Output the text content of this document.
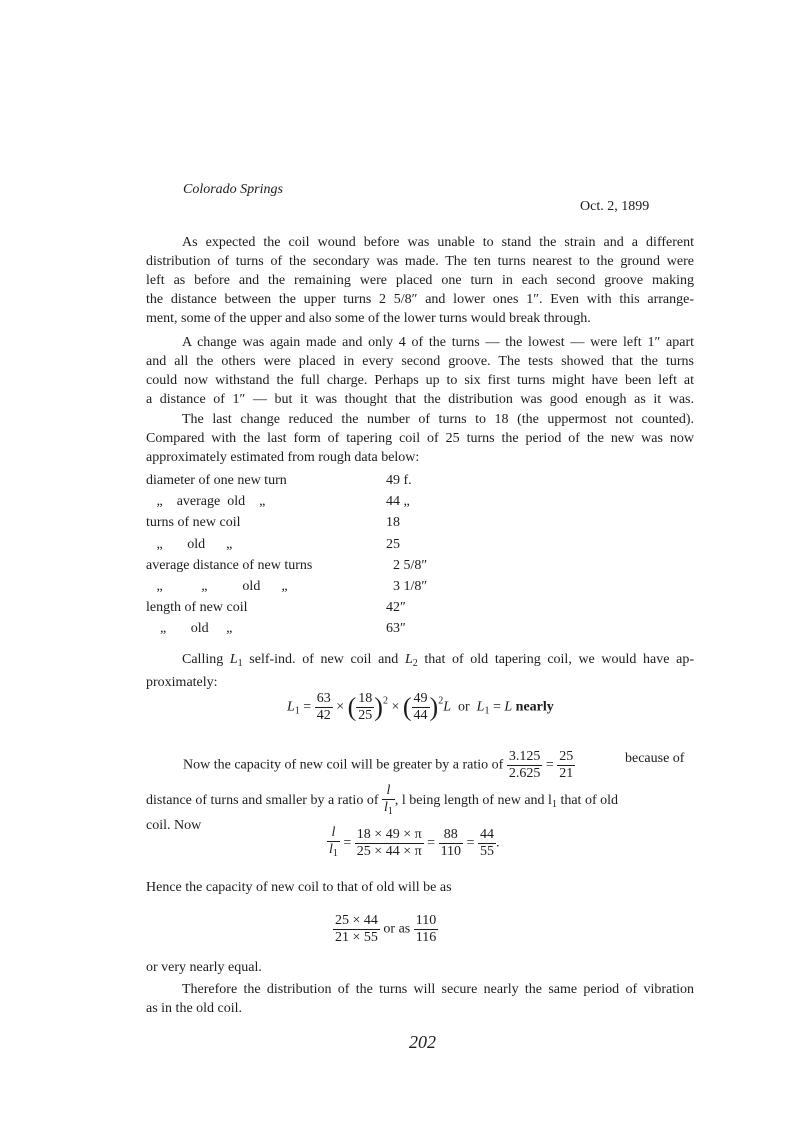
Colorado Springs
Oct. 2, 1899
As expected the coil wound before was unable to stand the strain and a different
distribution of turns of the secondary was made. The ten turns nearest to the ground were
left as before and the remaining were placed one turn in each second groove making
the distance between the upper turns 2 5/8″ and lower ones 1″. Even with this arrange-
ment, some of the upper and also some of the lower turns would break through.
A change was again made and only 4 of the turns — the lowest — were left 1″ apart
and all the others were placed in every second groove. The tests showed that the turns
could now withstand the full charge. Perhaps up to six first turns might have been left at
a distance of 1″ — but it was thought that the distribution was good enough as it was.
The last change reduced the number of turns to 18 (the uppermost not counted).
Compared with the last form of tapering coil of 25 turns the period of the new was now
approximately estimated from rough data below:
diameter of one new turn	49 f.
„    average  old    „	44 „
turns of new coil	18
„       old      „	25
average distance of new turns	2 5/8″
„           „          old      „	3 1/8″
length of new coil	42″
„       old     „	63″
Calling $L_1$ self-ind. of new coil and $L_2$ that of old tapering coil, we would have ap-
proximately:
$L_1 = \frac{63}{42}$ × ( $\frac{18}{25} )^2$ × ( $\frac{49}{44} )^2L$ or $L_1 = L$ nearly
Now the capacity of new coil will be greater by a ratio of $\frac{3.125}{2.625} = \frac{25}{21}$	because of
distance of turns and smaller by a ratio of $\frac{l}{l_1}$ , l being length of new and $l_1$ that of old
coil. Now	$\frac{l}{l_1} = \frac{18 \times 49 \times \pi}{25 \times 44 \times \pi} = \frac{88}{110} = \frac{44}{55}$ .
Hence the capacity of new coil to that of old will be as
$\frac{25 \times 44}{21 \times 55}$ or as $\frac{110}{116}$
or very nearly equal.
Therefore the distribution of the turns will secure nearly the same period of vibration
as in the old coil.
202
